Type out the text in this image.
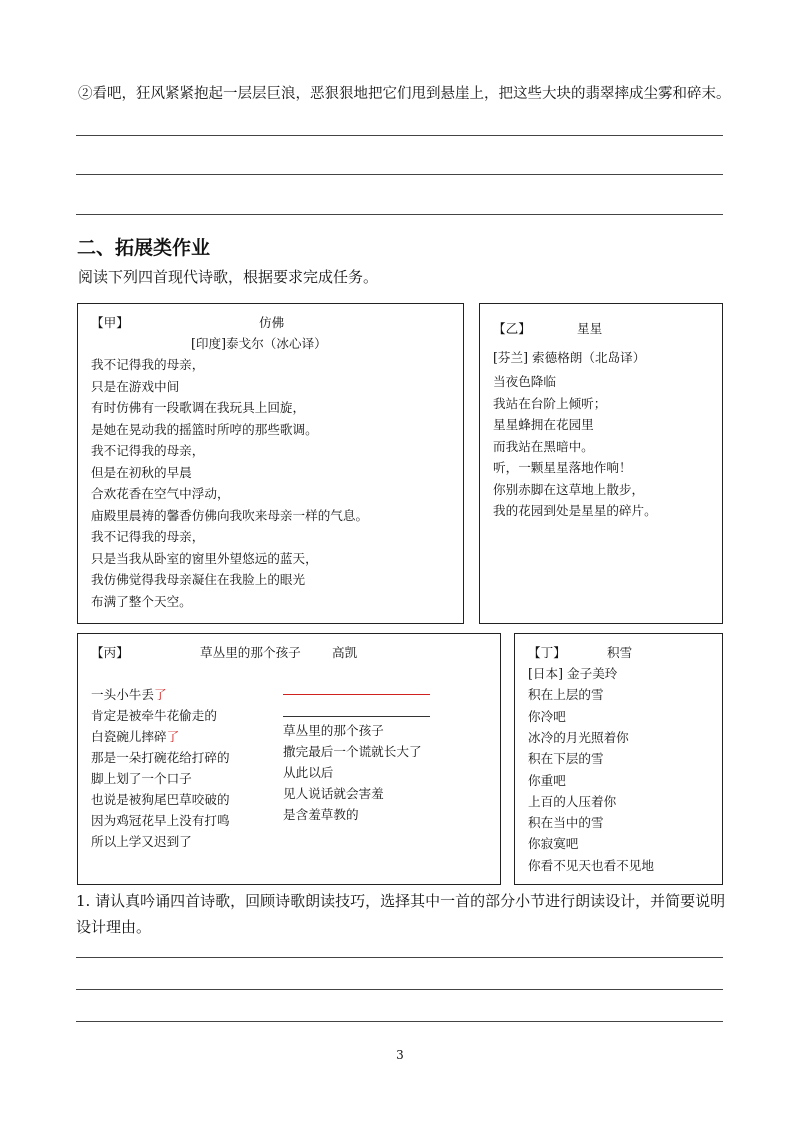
②看吧，狂风紧紧抱起一层层巨浪，恶狠狠地把它们甩到悬崖上，把这些大块的翡翠摔成尘雾和碎末。
二、拓展类作业
阅读下列四首现代诗歌，根据要求完成任务。
【甲】	仿佛
[印度]泰戈尔（冰心译）
我不记得我的母亲，
只是在游戏中间
有时仿佛有一段歌调在我玩具上回旋，
是她在晃动我的摇篮时所哼的那些歌调。
我不记得我的母亲，
但是在初秋的早晨
合欢花香在空气中浮动，
庙殿里晨祷的馨香仿佛向我吹来母亲一样的气息。
我不记得我的母亲，
只是当我从卧室的窗里外望悠远的蓝天，
我仿佛觉得我母亲凝住在我脸上的眼光
布满了整个天空。
【乙】	星星
[芬兰] 索德格朗（北岛译）
当夜色降临
我站在台阶上倾听；
星星蜂拥在花园里
而我站在黑暗中。
听，一颗星星落地作响！
你别赤脚在这草地上散步，
我的花园到处是星星的碎片。
【丙】	草丛里的那个孩子 高凯
一头小牛丢了
肯定是被牵牛花偷走的
白瓷碗儿摔碎了
那是一朵打碗花给打碎的
脚上划了一个口子
也说是被狗尾巴草咬破的
因为鸡冠花早上没有打鸣
所以上学又迟到了
草丛里的那个孩子
撒完最后一个谎就长大了
从此以后
见人说话就会害羞
是含羞草教的
【丁】	积雪
[日本] 金子美玲
积在上层的雪
你冷吧
冰冷的月光照着你
积在下层的雪
你重吧
上百的人压着你
积在当中的雪
你寂寞吧
你看不见天也看不见地
1. 请认真吟诵四首诗歌，回顾诗歌朗读技巧，选择其中一首的部分小节进行朗读设计，并简要说明设计理由。
3
